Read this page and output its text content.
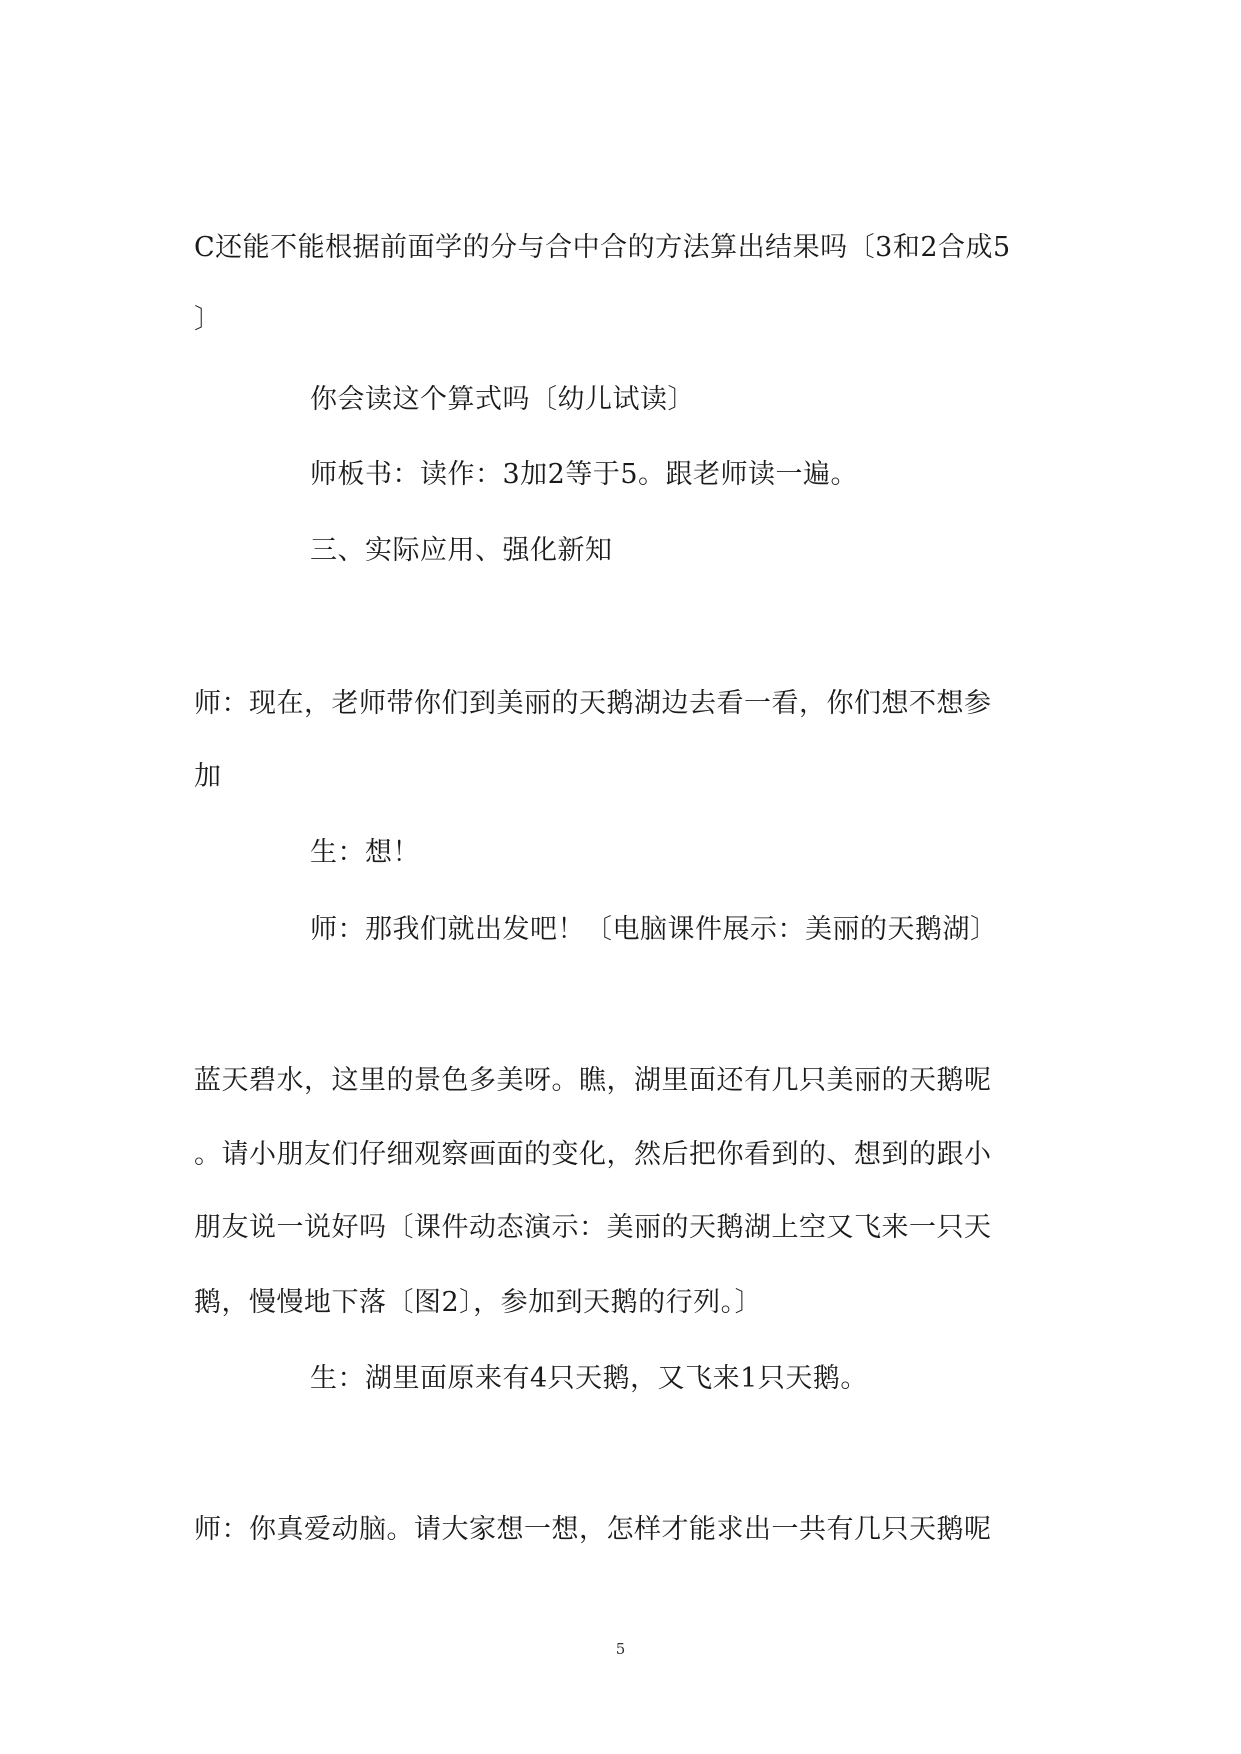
C还能不能根据前面学的分与合中合的方法算出结果吗〔3和2合成5
〕
你会读这个算式吗〔幼儿试读〕
师板书：读作：3加2等于5。跟老师读一遍。
三、实际应用、强化新知
师：现在，老师带你们到美丽的天鹅湖边去看一看，你们想不想参
加
生：想！
师：那我们就出发吧！〔电脑课件展示：美丽的天鹅湖〕
蓝天碧水，这里的景色多美呀。瞧，湖里面还有几只美丽的天鹅呢
。请小朋友们仔细观察画面的变化，然后把你看到的、想到的跟小
朋友说一说好吗〔课件动态演示：美丽的天鹅湖上空又飞来一只天
鹅，慢慢地下落〔图2〕，参加到天鹅的行列。〕
生：湖里面原来有4只天鹅，又飞来1只天鹅。
师：你真爱动脑。请大家想一想，怎样才能求出一共有几只天鹅呢
5
